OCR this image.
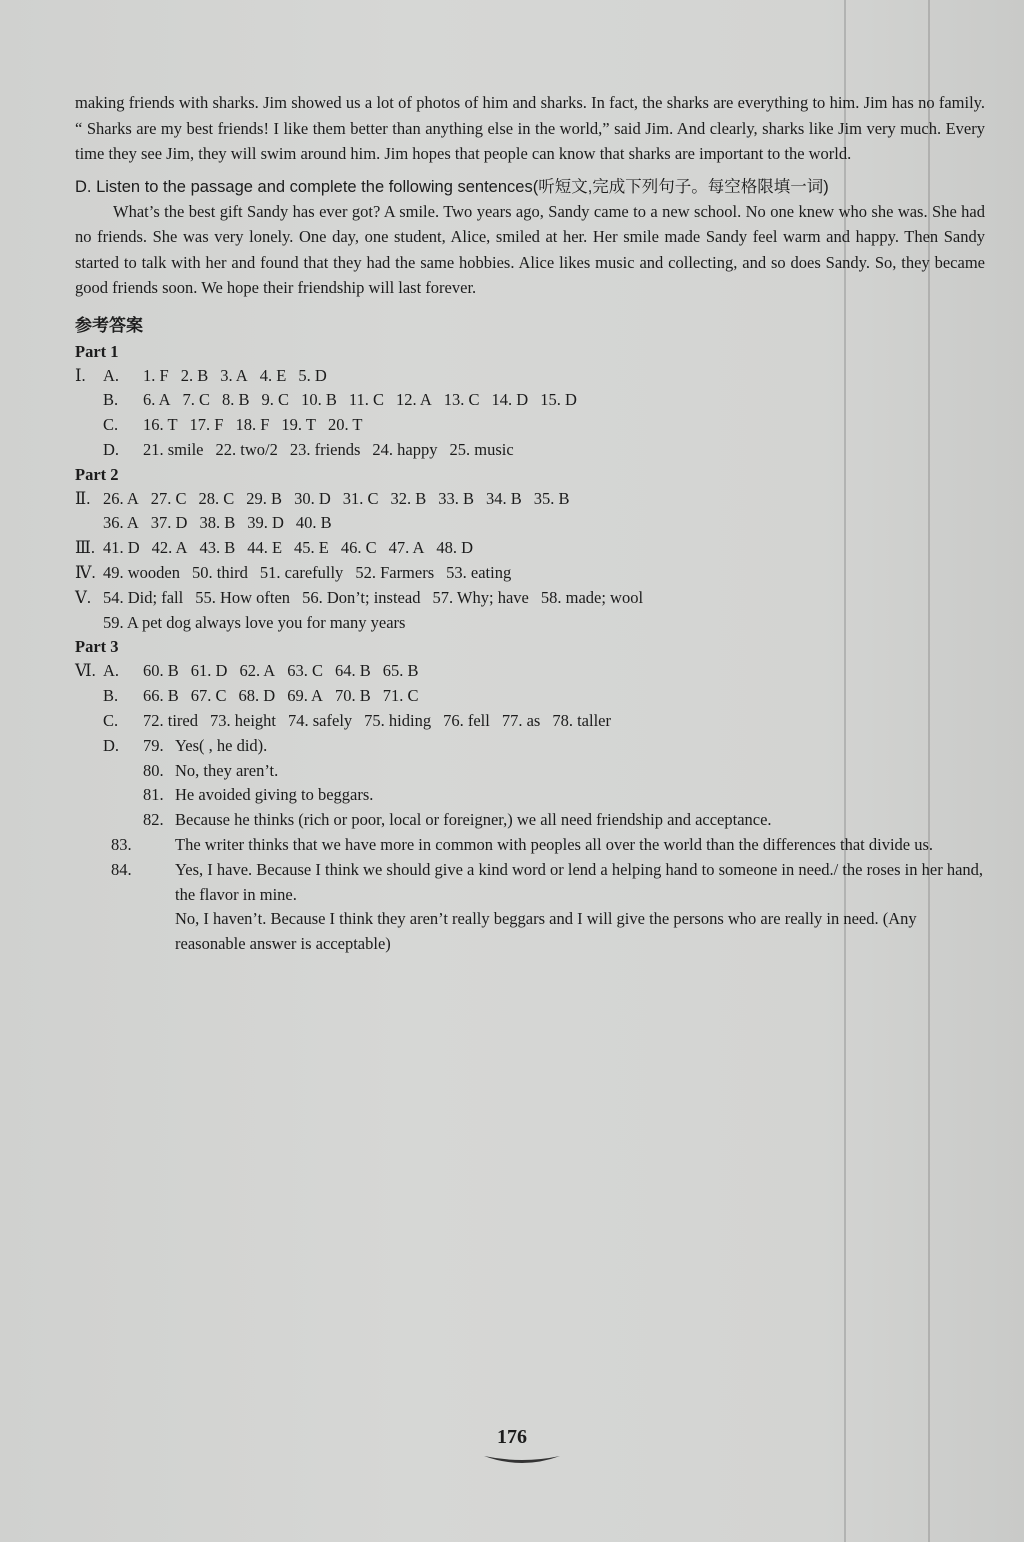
making friends with sharks. Jim showed us a lot of photos of him and sharks. In fact, the sharks are everything to him. Jim has no family. “ Sharks are my best friends! I like them better than anything else in the world,” said Jim. And clearly, sharks like Jim very much. Every time they see Jim, they will swim around him. Jim hopes that people can know that sharks are important to the world.

D. Listen to the passage and complete the following sentences(听短文,完成下列句子。每空格限填一词)

What’s the best gift Sandy has ever got? A smile. Two years ago, Sandy came to a new school. No one knew who she was. She had no friends. She was very lonely. One day, one student, Alice, smiled at her. Her smile made Sandy feel warm and happy. Then Sandy started to talk with her and found that they had the same hobbies. Alice likes music and collecting, and so does Sandy. So, they became good friends soon. We hope their friendship will last forever.

参考答案
Part 1
Ⅰ. A. 1. F 2. B 3. A 4. E 5. D
B. 6. A 7. C 8. B 9. C 10. B 11. C 12. A 13. C 14. D 15. D
C. 16. T 17. F 18. F 19. T 20. T
D. 21. smile 22. two/2 23. friends 24. happy 25. music
Part 2
Ⅱ. 26. A 27. C 28. C 29. B 30. D 31. C 32. B 33. B 34. B 35. B
36. A 37. D 38. B 39. D 40. B
Ⅲ. 41. D 42. A 43. B 44. E 45. E 46. C 47. A 48. D
Ⅳ. 49. wooden 50. third 51. carefully 52. Farmers 53. eating
Ⅴ. 54. Did; fall 55. How often 56. Don’t; instead 57. Why; have 58. made; wool
59. A pet dog always love you for many years
Part 3
Ⅵ. A. 60. B 61. D 62. A 63. C 64. B 65. B
B. 66. B 67. C 68. D 69. A 70. B 71. C
C. 72. tired 73. height 74. safely 75. hiding 76. fell 77. as 78. taller
D. 79. Yes( , he did).
80. No, they aren’t.
81. He avoided giving to beggars.
82. Because he thinks (rich or poor, local or foreigner,) we all need friendship and acceptance.
83.	The writer thinks that we have more in common with peoples all over the world than the differences that divide us.
84.	Yes, I have. Because I think we should give a kind word or lend a helping hand to someone in need./ the roses in her hand, the flavor in mine.
No, I haven’t. Because I think they aren’t really beggars and I will give the persons who are really in need. (Any reasonable answer is acceptable)
176
